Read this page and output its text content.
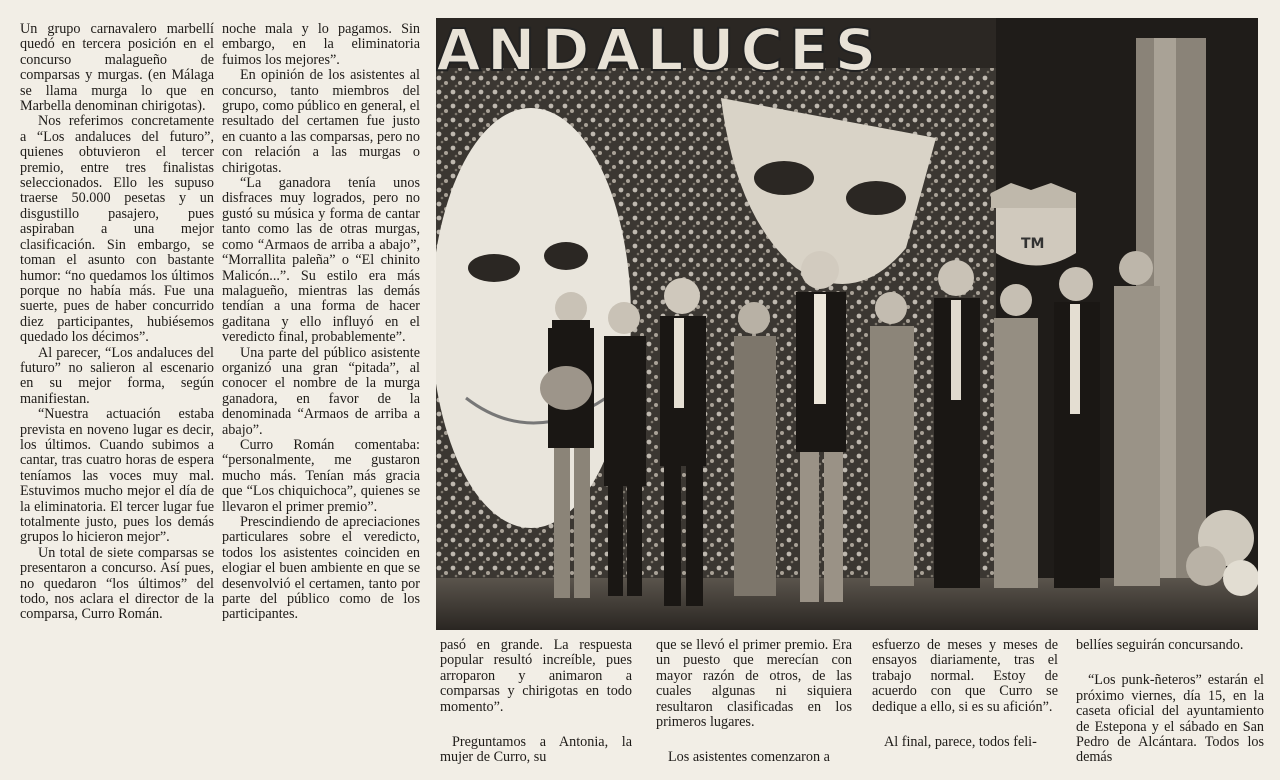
Un grupo carnavalero marbellí quedó en tercera posición en el concurso malagueño de comparsas y murgas. (en Málaga se llama murga lo que en Marbella denominan chirigotas).

Nos referimos concretamente a “Los andaluces del futuro”, quienes obtuvieron el tercer premio, entre tres finalistas seleccionados. Ello les supuso traerse 50.000 pesetas y un disgustillo pasajero, pues aspiraban a una mejor clasificación. Sin embargo, se toman el asunto con bastante humor: “no quedamos los últimos porque no había más. Fue una suerte, pues de haber concurrido diez participantes, hubiésemos quedado los décimos”.

Al parecer, “Los andaluces del futuro” no salieron al escenario en su mejor forma, según manifiestan.

“Nuestra actuación estaba prevista en noveno lugar es decir, los últimos. Cuando subimos a cantar, tras cuatro horas de espera teníamos las voces muy mal. Estuvimos mucho mejor el día de la eliminatoria. El tercer lugar fue totalmente justo, pues los demás grupos lo hicieron mejor”.

Un total de siete comparsas se presentaron a concurso. Así pues, no quedaron “los últimos” del todo, nos aclara el director de la comparsa, Curro Román.

noche mala y lo pagamos. Sin embargo, en la eliminatoria fuimos los mejores”.

En opinión de los asistentes al concurso, tanto miembros del grupo, como público en general, el resultado del certamen fue justo en cuanto a las comparsas, pero no con relación a las murgas o chirigotas.

“La ganadora tenía unos disfraces muy logrados, pero no gustó su música y forma de cantar tanto como las de otras murgas, como “Armaos de arriba a abajo”, “Morrallita paleña” o “El chinito Malicón...”. Su estilo era más malagueño, mientras las demás tendían a una forma de hacer gaditana y ello influyó en el veredicto final, probablemente”.

Una parte del público asistente organizó una gran “pitada”, al conocer el nombre de la murga ganadora, en favor de la denominada “Armaos de arriba a abajo”.

Curro Román comentaba: “personalmente, me gustaron mucho más. Tenían más gracia que “Los chiquichoca”, quienes se llevaron el primer premio”.

Prescindiendo de apreciaciones particulares sobre el veredicto, todos los asistentes coinciden en elogiar el buen ambiente en que se desenvolvió el certamen, tanto por parte del público como de los participantes.

ANDALUCES
TM

pasó en grande. La respuesta popular resultó increíble, pues arroparon y animaron a comparsas y chirigotas en todo momento”.

Preguntamos a Antonia, la mujer de Curro, su

que se llevó el primer premio. Era un puesto que merecían con mayor razón de otros, de las cuales algunas ni siquiera resultaron clasificadas en los primeros lugares.

Los asistentes comenzaron a

esfuerzo de meses y meses de ensayos diariamente, tras el trabajo normal. Estoy de acuerdo con que Curro se dedique a ello, si es su afición”.

Al final, parece, todos feli-

bellíes seguirán concursando.

“Los punk-ñeteros” estarán el próximo viernes, día 15, en la caseta oficial del ayuntamiento de Estepona y el sábado en San Pedro de Alcántara. Todos los demás
